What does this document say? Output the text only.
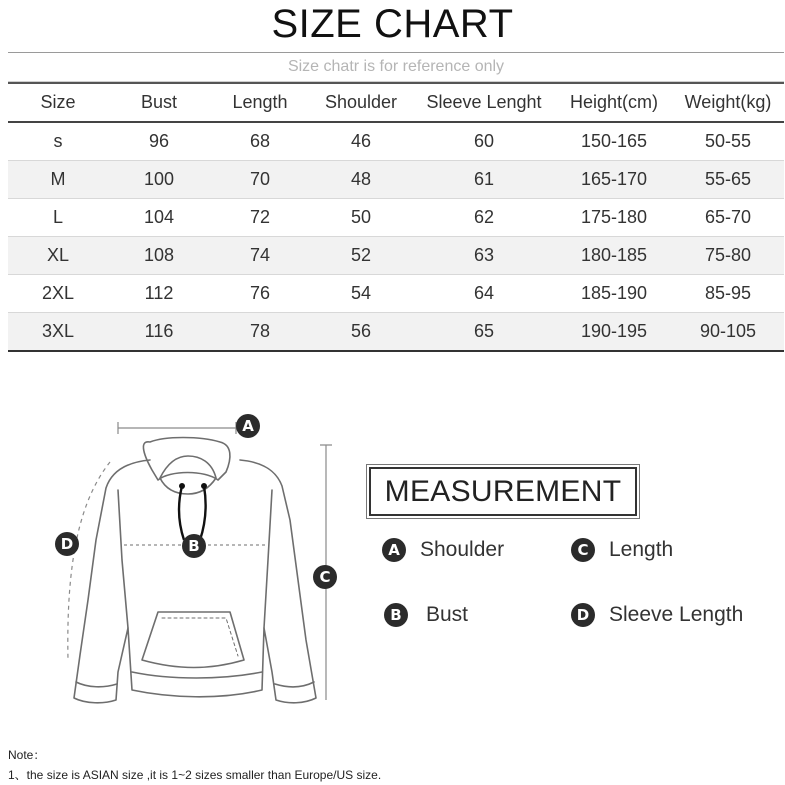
SIZE CHART
Size chatr is for reference only
Size	Bust	Length	Shoulder	Sleeve Lenght	Height(cm)	Weight(kg)
s	96	68	46	60	150-165	50-55
M	100	70	48	61	165-170	55-65
L	104	72	50	62	175-180	65-70
XL	108	74	52	63	180-185	75-80
2XL	112	76	54	64	185-190	85-95
3XL	116	78	56	65	190-195	90-105
A
B
C
D
MEASUREMENT
A Shoulder
B Bust
C Length
D Sleeve Length
Note：
1、the size is ASIAN size ,it is 1~2 sizes smaller than Europe/US size.
